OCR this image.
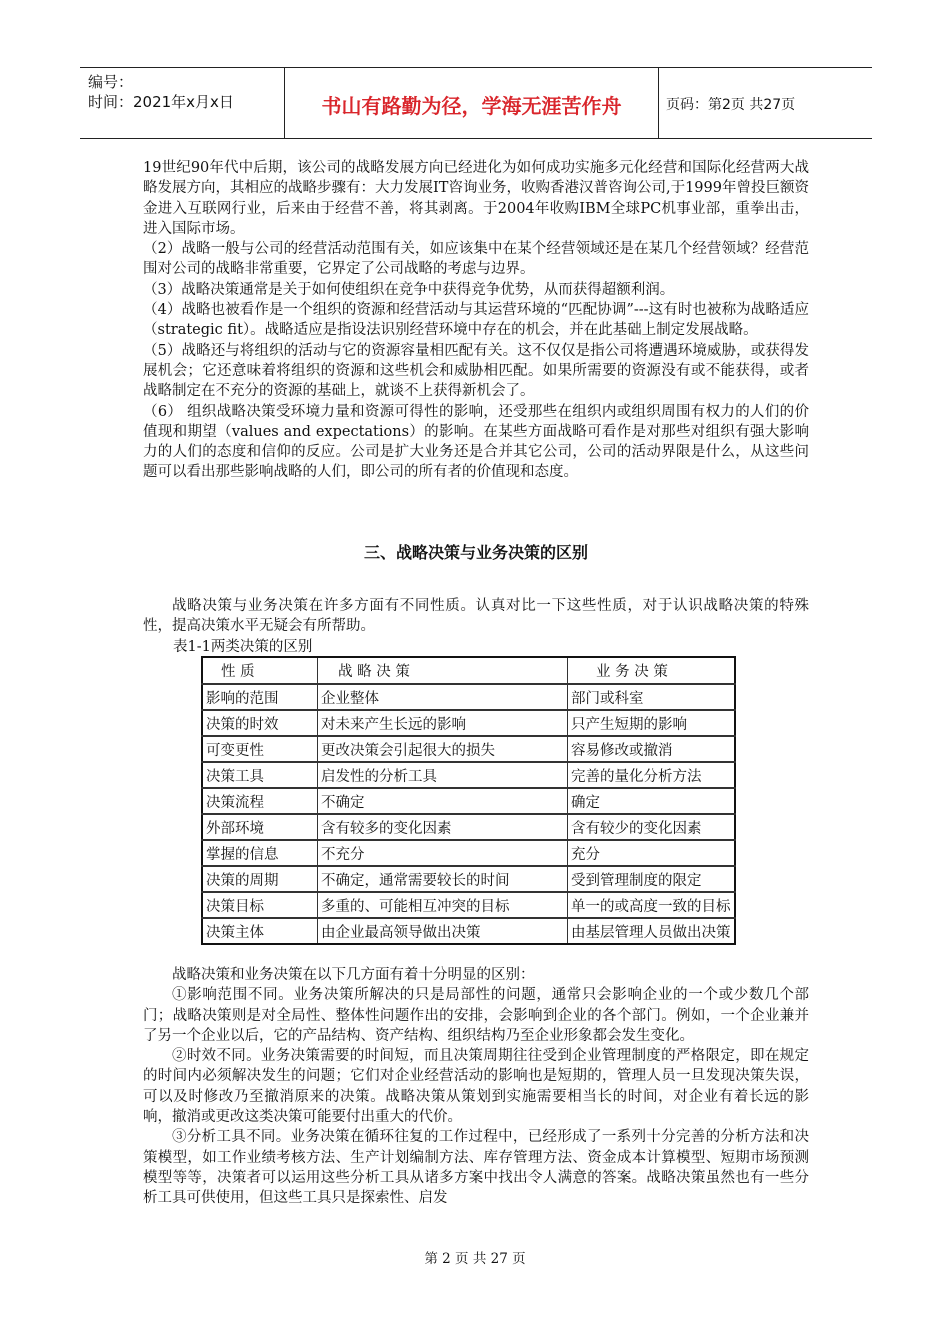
编号：
时间：2021年x月x日	书山有路勤为径，学海无涯苦作舟	页码：第2页 共27页

19世纪90年代中后期，该公司的战略发展方向已经进化为如何成功实施多元化经营和国际化经营两大战略发展方向，其相应的战略步骤有：大力发展IT咨询业务，收购香港汉普咨询公司,于1999年曾投巨额资金进入互联网行业，后来由于经营不善，将其剥离。于2004年收购IBM全球PC机事业部，重拳出击，进入国际市场。

（2）战略一般与公司的经营活动范围有关，如应该集中在某个经营领域还是在某几个经营领域？经营范围对公司的战略非常重要，它界定了公司战略的考虑与边界。

（3）战略决策通常是关于如何使组织在竞争中获得竞争优势，从而获得超额利润。

（4）战略也被看作是一个组织的资源和经营活动与其运营环境的“匹配协调”---这有时也被称为战略适应（strategic fit）。战略适应是指设法识别经营环境中存在的机会，并在此基础上制定发展战略。

（5）战略还与将组织的活动与它的资源容量相匹配有关。这不仅仅是指公司将遭遇环境威胁，或获得发展机会；它还意味着将组织的资源和这些机会和威胁相匹配。如果所需要的资源没有或不能获得，或者战略制定在不充分的资源的基础上，就谈不上获得新机会了。

（6） 组织战略决策受环境力量和资源可得性的影响，还受那些在组织内或组织周围有权力的人们的价值现和期望（values and expectations）的影响。在某些方面战略可看作是对那些对组织有强大影响力的人们的态度和信仰的反应。公司是扩大业务还是合并其它公司，公司的活动界限是什么，从这些问题可以看出那些影响战略的人们，即公司的所有者的价值现和态度。

三、战略决策与业务决策的区别

战略决策与业务决策在许多方面有不同性质。认真对比一下这些性质，对于认识战略决策的特殊性，提高决策水平无疑会有所帮助。

表1-1两类决策的区别

性 质	战 略 决 策	业 务 决 策
影响的范围	企业整体	部门或科室
决策的时效	对未来产生长远的影响	只产生短期的影响
可变更性	更改决策会引起很大的损失	容易修改或撤消
决策工具	启发性的分析工具	完善的量化分析方法
决策流程	不确定	确定
外部环境	含有较多的变化因素	含有较少的变化因素
掌握的信息	不充分	充分
决策的周期	不确定，通常需要较长的时间	受到管理制度的限定
决策目标	多重的、可能相互冲突的目标	单一的或高度一致的目标
决策主体	由企业最高领导做出决策	由基层管理人员做出决策

战略决策和业务决策在以下几方面有着十分明显的区别：

①影响范围不同。业务决策所解决的只是局部性的问题，通常只会影响企业的一个或少数几个部门；战略决策则是对全局性、整体性问题作出的安排，会影响到企业的各个部门。例如，一个企业兼并了另一个企业以后，它的产品结构、资产结构、组织结构乃至企业形象都会发生变化。

②时效不同。业务决策需要的时间短，而且决策周期往往受到企业管理制度的严格限定，即在规定的时间内必须解决发生的问题；它们对企业经营活动的影响也是短期的，管理人员一旦发现决策失误，可以及时修改乃至撤消原来的决策。战略决策从策划到实施需要相当长的时间，对企业有着长远的影响，撤消或更改这类决策可能要付出重大的代价。

③分析工具不同。业务决策在循环往复的工作过程中，已经形成了一系列十分完善的分析方法和决策模型，如工作业绩考核方法、生产计划编制方法、库存管理方法、资金成本计算模型、短期市场预测模型等等，决策者可以运用这些分析工具从诸多方案中找出令人满意的答案。战略决策虽然也有一些分析工具可供使用，但这些工具只是探索性、启发

第 2 页 共 27 页
